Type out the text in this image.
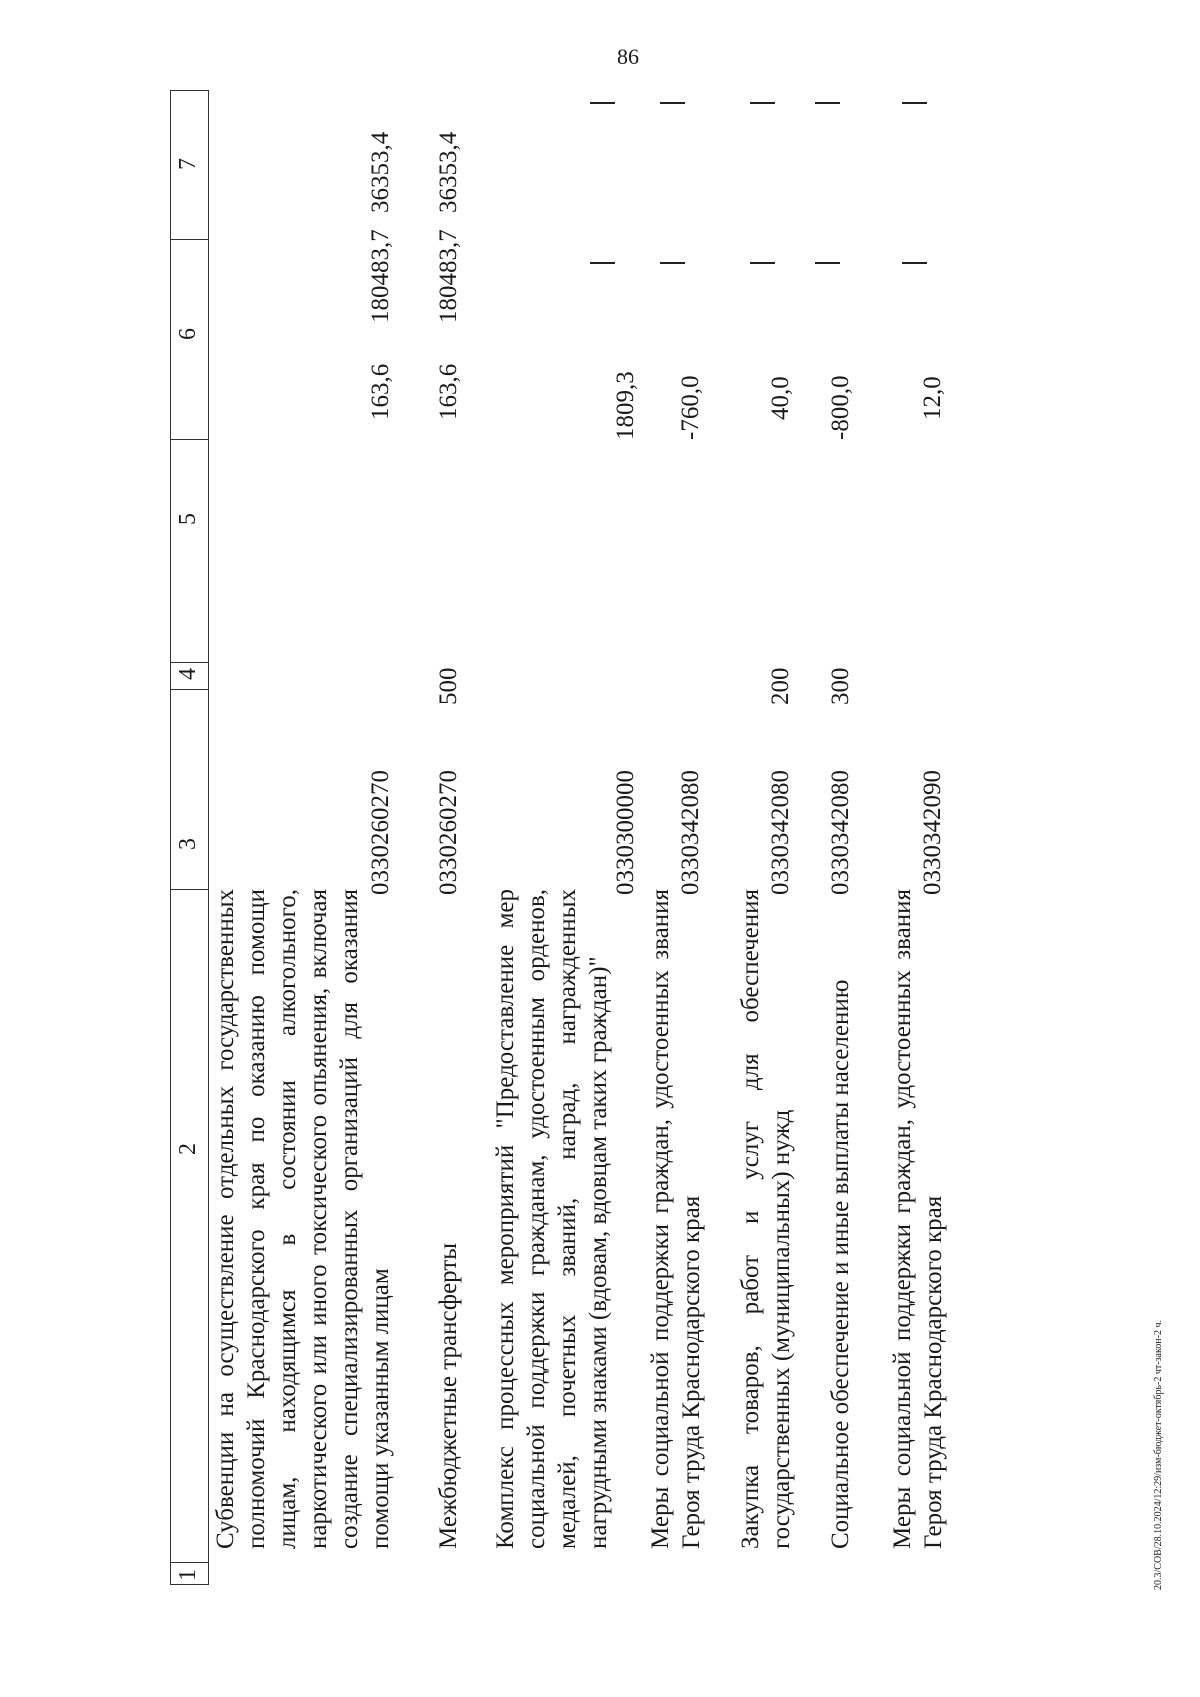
86
20.3/СОВ/28.10.2024/12:29/изм-бюджет-октябрь-2 чт-закон-2 ч.
1
2
3
4
5
6
7
Субвенции на осуществление отдельных государственных полномочий Краснодарского края по оказанию помощи лицам, находящимся в состоянии алкогольного, наркотического или иного токсического опьянения, включая создание специализированных организаций для оказания помощи указанным лицам
0330260270
163,6
180483,7
36353,4
Межбюджетные трансферты
0330260270
500
163,6
180483,7
36353,4
Комплекс процессных мероприятий "Предоставление мер социальной поддержки гражданам, удостоенным орденов, медалей, почетных званий, наград, награжденных нагрудными знаками (вдовам, вдовцам таких граждан)"
0330300000
1809,3
Меры социальной поддержки граждан, удостоенных звания Героя труда Краснодарского края
0330342080
-760,0
Закупка товаров, работ и услуг для обеспечения государственных (муниципальных) нужд
0330342080
200
40,0
Социальное обеспечение и иные выплаты населению
0330342080
300
-800,0
Меры социальной поддержки граждан, удостоенных звания Героя труда Краснодарского края
0330342090
12,0
